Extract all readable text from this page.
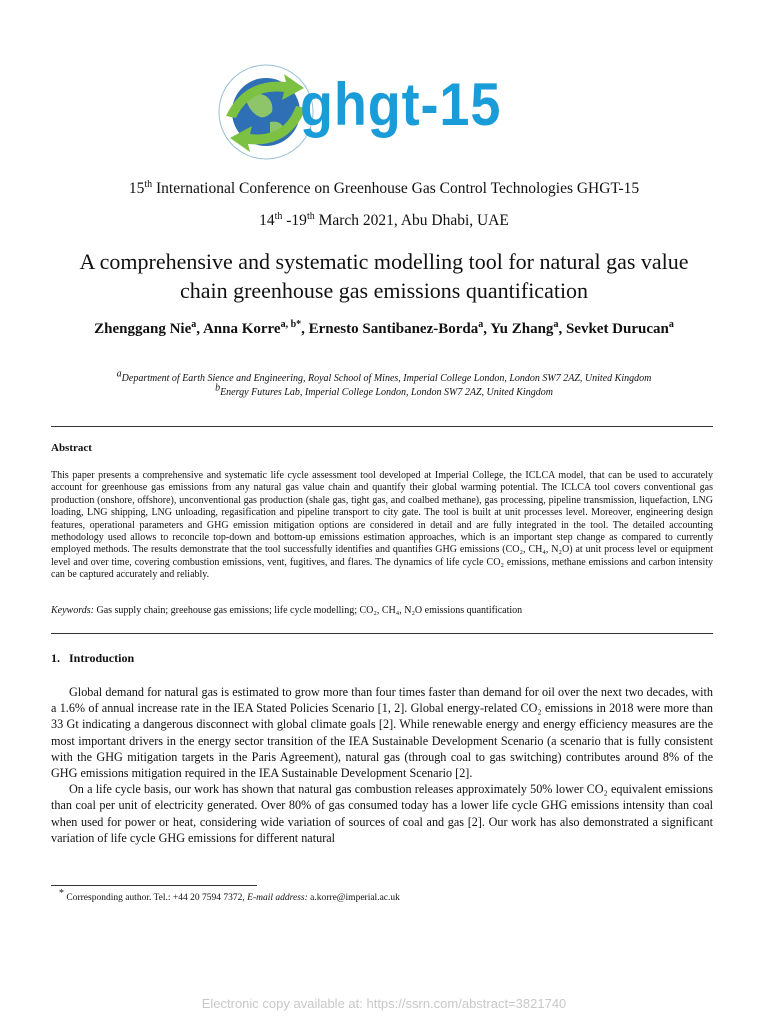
ghgt-15
15th International Conference on Greenhouse Gas Control Technologies GHGT-15
14th -19th March 2021, Abu Dhabi, UAE
A comprehensive and systematic modelling tool for natural gas value chain greenhouse gas emissions quantification
Zhenggang Nie$^a$, Anna Korre$^{a, b*}$, Ernesto Santibanez-Borda$^a$, Yu Zhang$^a$, Sevket Durucan$^a$
$^a$Department of Earth Sience and Engineering, Royal School of Mines, Imperial College London, London SW7 2AZ, United Kingdom
$^b$Energy Futures Lab, Imperial College London, London SW7 2AZ, United Kingdom
Abstract
This paper presents a comprehensive and systematic life cycle assessment tool developed at Imperial College, the ICLCA model, that can be used to accurately account for greenhouse gas emissions from any natural gas value chain and quantify their global warming potential. The ICLCA tool covers conventional gas production (onshore, offshore), unconventional gas production (shale gas, tight gas, and coalbed methane), gas processing, pipeline transmission, liquefaction, LNG loading, LNG shipping, LNG unloading, regasification and pipeline transport to city gate. The tool is built at unit processes level. Moreover, engineering design features, operational parameters and GHG emission mitigation options are considered in detail and are fully integrated in the tool. The detailed accounting methodology used allows to reconcile top-down and bottom-up emissions estimation approaches, which is an important step change as compared to currently employed methods. The results demonstrate that the tool successfully identifies and quantifies GHG emissions (CO₂, CH₄, N₂O) at unit process level or equipment level and over time, covering combustion emissions, vent, fugitives, and flares. The dynamics of life cycle CO₂ emissions, methane emissions and carbon intensity can be captured accurately and reliably.
Keywords: Gas supply chain; greehouse gas emissions; life cycle modelling; CO₂, CH₄, N₂O emissions quantification
1. Introduction

Global demand for natural gas is estimated to grow more than four times faster than demand for oil over the next two decades, with a 1.6% of annual increase rate in the IEA Stated Policies Scenario [1, 2]. Global energy-related CO₂ emissions in 2018 were more than 33 Gt indicating a dangerous disconnect with global climate goals [2]. While renewable energy and energy efficiency measures are the most important drivers in the energy sector transition of the IEA Sustainable Development Scenario (a scenario that is fully consistent with the GHG mitigation targets in the Paris Agreement), natural gas (through coal to gas switching) contributes around 8% of the GHG emissions mitigation required in the IEA Sustainable Development Scenario [2].

On a life cycle basis, our work has shown that natural gas combustion releases approximately 50% lower CO₂ equivalent emissions than coal per unit of electricity generated. Over 80% of gas consumed today has a lower life cycle GHG emissions intensity than coal when used for power or heat, considering wide variation of sources of coal and gas [2]. Our work has also demonstrated a significant variation of life cycle GHG emissions for different natural

* Corresponding author. Tel.: +44 20 7594 7372, E-mail address: a.korre@imperial.ac.uk
Electronic copy available at: https://ssrn.com/abstract=3821740
